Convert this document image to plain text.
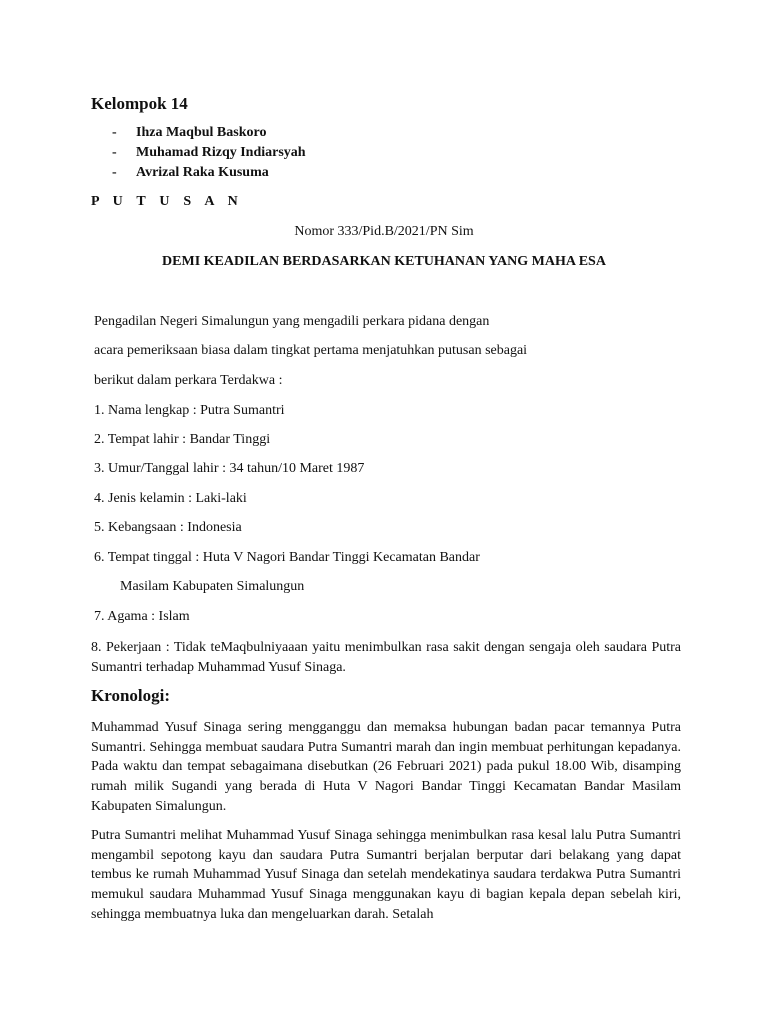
Kelompok 14
-	Ihza Maqbul Baskoro
-	Muhamad Rizqy Indiarsyah
-	Avrizal Raka Kusuma
P U T U S A N
Nomor 333/Pid.B/2021/PN Sim
DEMI KEADILAN BERDASARKAN KETUHANAN YANG MAHA ESA
Pengadilan Negeri Simalungun yang mengadili perkara pidana dengan
acara pemeriksaan biasa dalam tingkat pertama menjatuhkan putusan sebagai
berikut dalam perkara Terdakwa :
1. Nama lengkap : Putra Sumantri
2. Tempat lahir : Bandar Tinggi
3. Umur/Tanggal lahir : 34 tahun/10 Maret 1987
4. Jenis kelamin : Laki-laki
5. Kebangsaan : Indonesia
6. Tempat tinggal : Huta V Nagori Bandar Tinggi Kecamatan Bandar
Masilam Kabupaten Simalungun
7. Agama : Islam
8. Pekerjaan : Tidak teMaqbulniyaaan yaitu menimbulkan rasa sakit dengan sengaja oleh saudara Putra Sumantri terhadap Muhammad Yusuf Sinaga.
Kronologi:
Muhammad Yusuf Sinaga sering mengganggu dan memaksa hubungan badan pacar temannya Putra Sumantri. Sehingga membuat saudara Putra Sumantri marah dan ingin membuat perhitungan kepadanya. Pada waktu dan tempat sebagaimana disebutkan (26 Februari 2021) pada pukul 18.00 Wib, disamping rumah milik Sugandi yang berada di Huta V Nagori Bandar Tinggi Kecamatan Bandar Masilam Kabupaten Simalungun.
Putra Sumantri melihat Muhammad Yusuf Sinaga sehingga menimbulkan rasa kesal lalu Putra Sumantri mengambil sepotong kayu dan saudara Putra Sumantri berjalan berputar dari belakang yang dapat tembus ke rumah Muhammad Yusuf Sinaga dan setelah mendekatinya saudara terdakwa Putra Sumantri memukul saudara Muhammad Yusuf Sinaga menggunakan kayu di bagian kepala depan sebelah kiri, sehingga membuatnya luka dan mengeluarkan darah. Setalah
